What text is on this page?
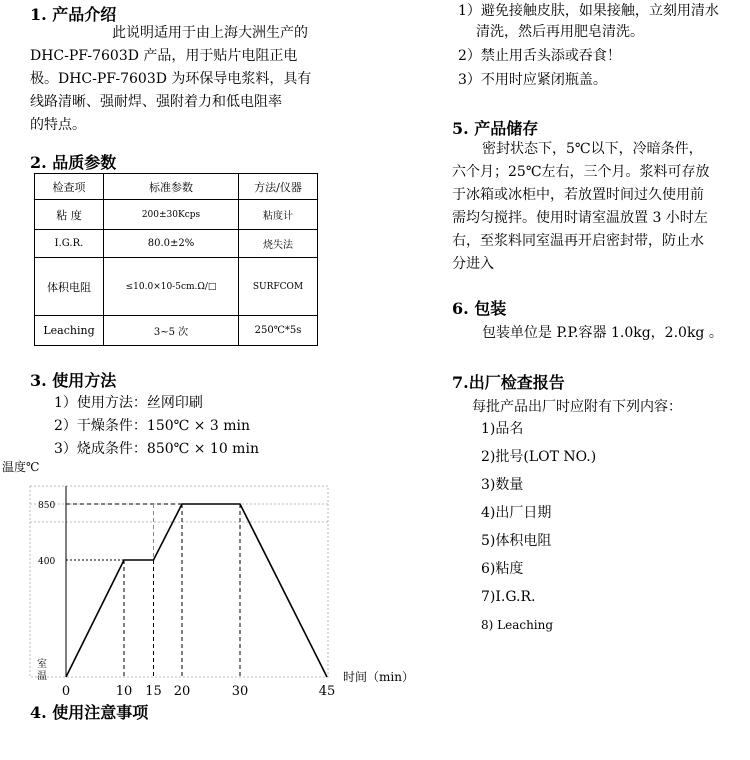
1. 产品介绍
此说明适用于由上海大洲生产的
DHC-PF-7603D 产品，用于贴片电阻正电
极。DHC-PF-7603D 为环保导电浆料，具有
线路清晰、强耐焊、强附着力和低电阻率
的特点。
2. 品质参数
检查项	标准参数	方法/仪器
粘 度	200±30Kcps	粘度计
I.G.R.	80.0±2%	烧失法
体积电阻	≤10.0×10-5cm.Ω/□	SURFCOM
Leaching	3~5 次	250℃*5s
3. 使用方法
1）使用方法：丝网印刷
2）干燥条件：150℃ × 3 min
3）烧成条件：850℃ × 10 min
温度℃
时间（min）
室温
0	10 15 20	30	45
850
400
4. 使用注意事项
1）避免接触皮肤，如果接触，立刻用清水
清洗，然后再用肥皂清洗。
2）禁止用舌头添或吞食！
3）不用时应紧闭瓶盖。
5. 产品储存
密封状态下，5℃以下，冷暗条件，
六个月；25℃左右，三个月。浆料可存放
于冰箱或冰柜中，若放置时间过久使用前
需均匀搅拌。使用时请室温放置 3 小时左
右，至浆料同室温再开启密封带，防止水
分进入
6. 包装
包装单位是 P.P.容器 1.0kg，2.0kg 。
7.出厂检查报告
每批产品出厂时应附有下列内容：
1)品名
2)批号(LOT NO.)
3)数量
4)出厂日期
5)体积电阻
6)粘度
7)I.G.R.
8) Leaching
